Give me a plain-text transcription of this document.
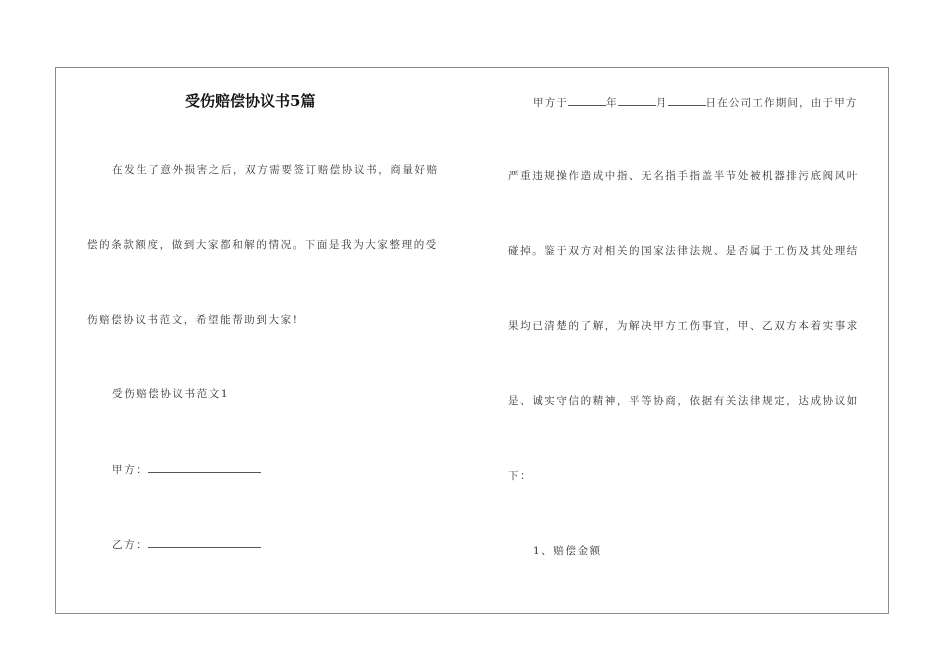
受伤赔偿协议书5篇
在发生了意外损害之后，双方需要签订赔偿协议书，商量好赔
偿的条款额度，做到大家都和解的情况。下面是我为大家整理的受
伤赔偿协议书范文，希望能帮助到大家!
受伤赔偿协议书范文1
甲方：
乙方：
甲方于	年	月	日在公司工作期间，由于甲方
严重违规操作造成中指、无名指手指盖半节处被机器排污底阀风叶
碰掉。鉴于双方对相关的国家法律法规、是否属于工伤及其处理结
果均已清楚的了解，为解决甲方工伤事宜，甲、乙双方本着实事求
是、诚实守信的精神，平等协商，依据有关法律规定，达成协议如
下：
1、赔偿金额
